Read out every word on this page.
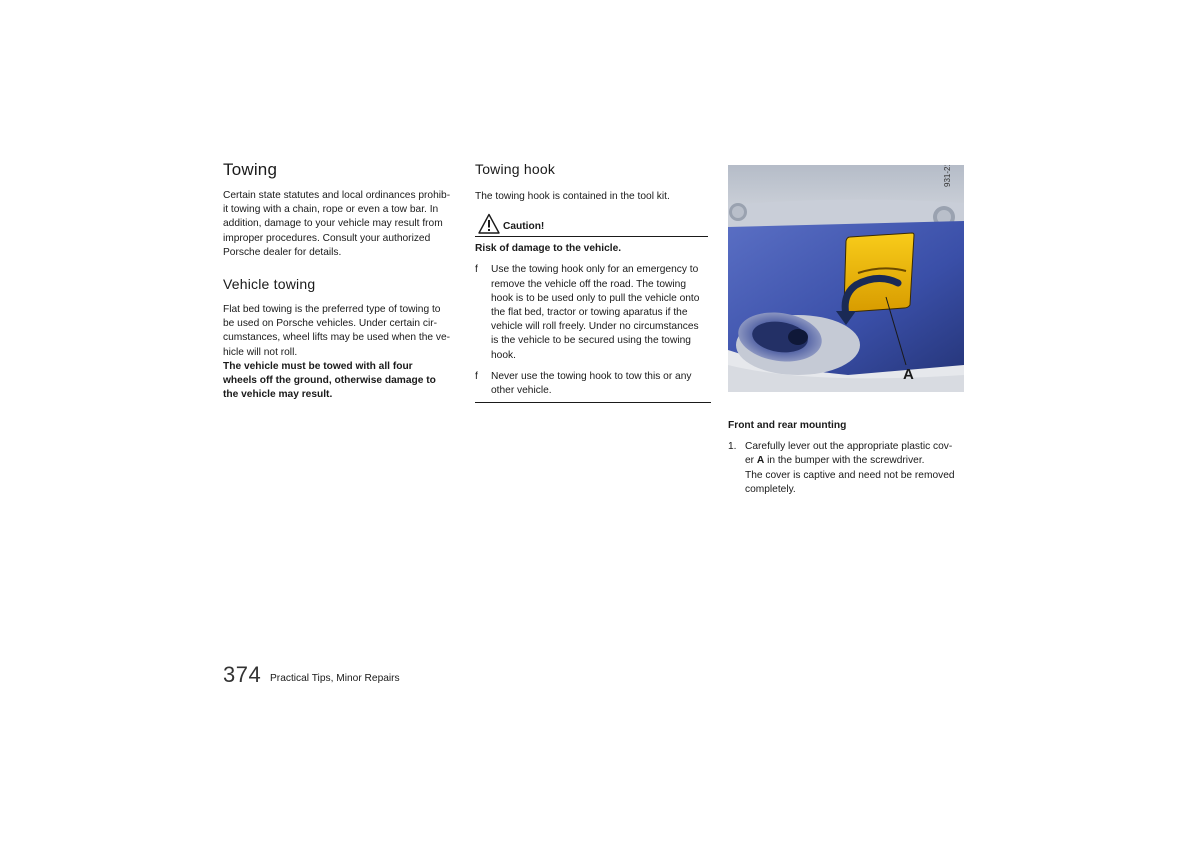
Towing
Certain state statutes and local ordinances prohib-
it towing with a chain, rope or even a tow bar. In
addition, damage to your vehicle may result from
improper procedures. Consult your authorized
Porsche dealer for details.
Vehicle towing
Flat bed towing is the preferred type of towing to
be used on Porsche vehicles. Under certain cir-
cumstances, wheel lifts may be used when the ve-
hicle will not roll.
The vehicle must be towed with all four
wheels off the ground, otherwise damage to
the vehicle may result.
Towing hook
The towing hook is contained in the tool kit.
Caution!
Risk of damage to the vehicle.
f Use the towing hook only for an emergency to
remove the vehicle off the road. The towing
hook is to be used only to pull the vehicle onto
the flat bed, tractor or towing aparatus if the
vehicle will roll freely. Under no circumstances
is the vehicle to be secured using the towing
hook.
f Never use the towing hook to tow this or any
other vehicle.
931-214
A
Front and rear mounting
1. Carefully lever out the appropriate plastic cov-
er A in the bumper with the screwdriver.
The cover is captive and need not be removed
completely.
374 Practical Tips, Minor Repairs
